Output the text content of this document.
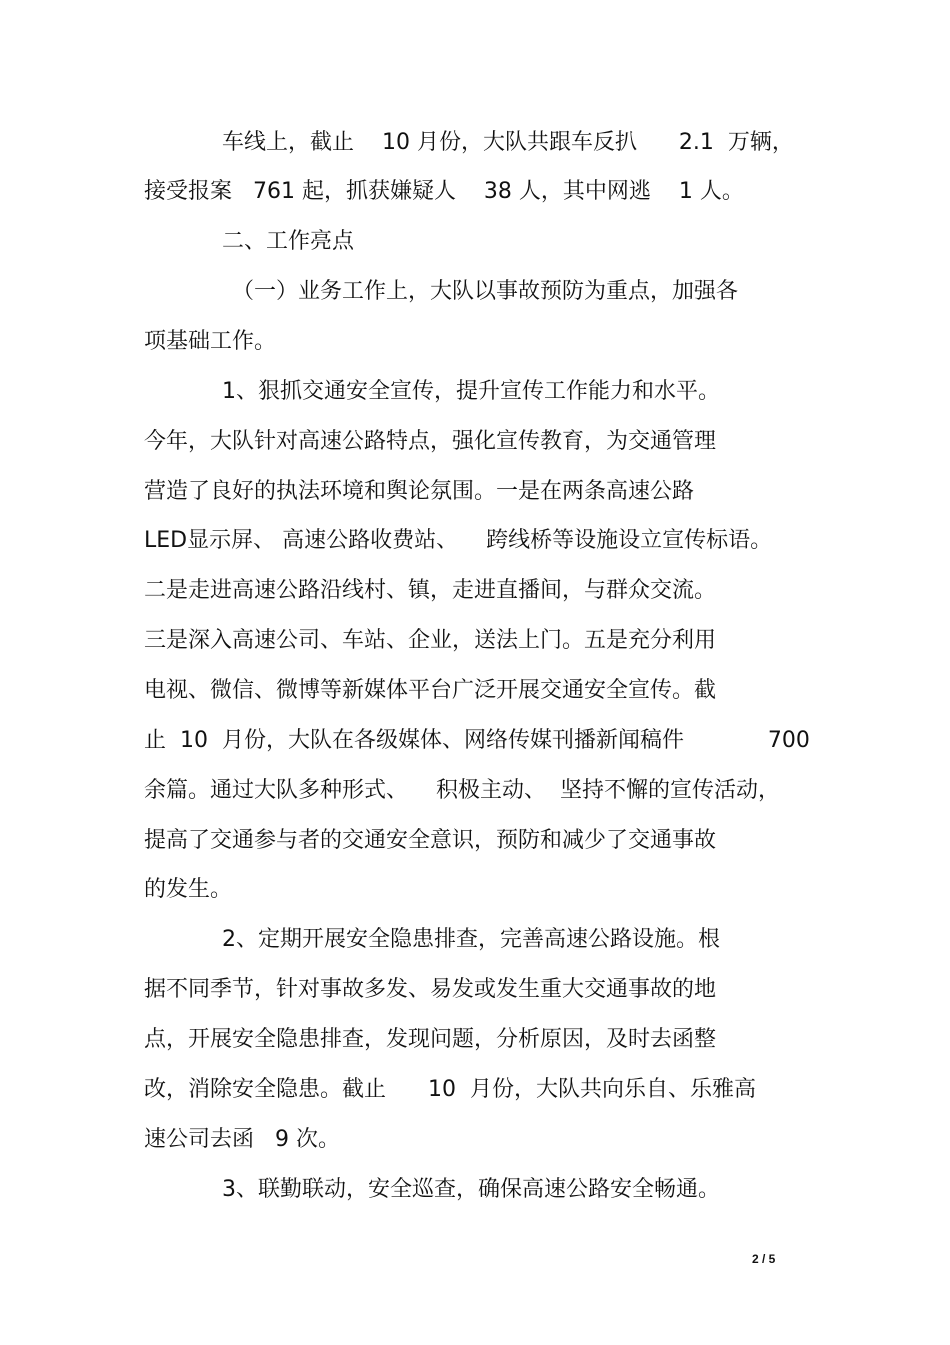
车线上，截止    10 月份，大队共跟车反扒      2.1  万辆，
接受报案   761 起，抓获嫌疑人    38 人，其中网逃    1 人。
二、工作亮点
（一）业务工作上，大队以事故预防为重点，加强各
项基础工作。
1、狠抓交通安全宣传，提升宣传工作能力和水平。
今年，大队针对高速公路特点，强化宣传教育，为交通管理
营造了良好的执法环境和舆论氛围。一是在两条高速公路
LED显示屏、 高速公路收费站、    跨线桥等设施设立宣传标语。
二是走进高速公路沿线村、镇，走进直播间，与群众交流。
三是深入高速公司、车站、企业，送法上门。五是充分利用
电视、微信、微博等新媒体平台广泛开展交通安全宣传。截
止  10  月份，大队在各级媒体、网络传媒刊播新闻稿件            700
余篇。通过大队多种形式、    积极主动、  坚持不懈的宣传活动，
提高了交通参与者的交通安全意识，预防和减少了交通事故
的发生。
2、定期开展安全隐患排查，完善高速公路设施。根
据不同季节，针对事故多发、易发或发生重大交通事故的地
点，开展安全隐患排查，发现问题，分析原因，及时去函整
改，消除安全隐患。截止      10  月份，大队共向乐自、乐雅高
速公司去函   9 次。
3、联勤联动，安全巡查，确保高速公路安全畅通。
2 / 5
